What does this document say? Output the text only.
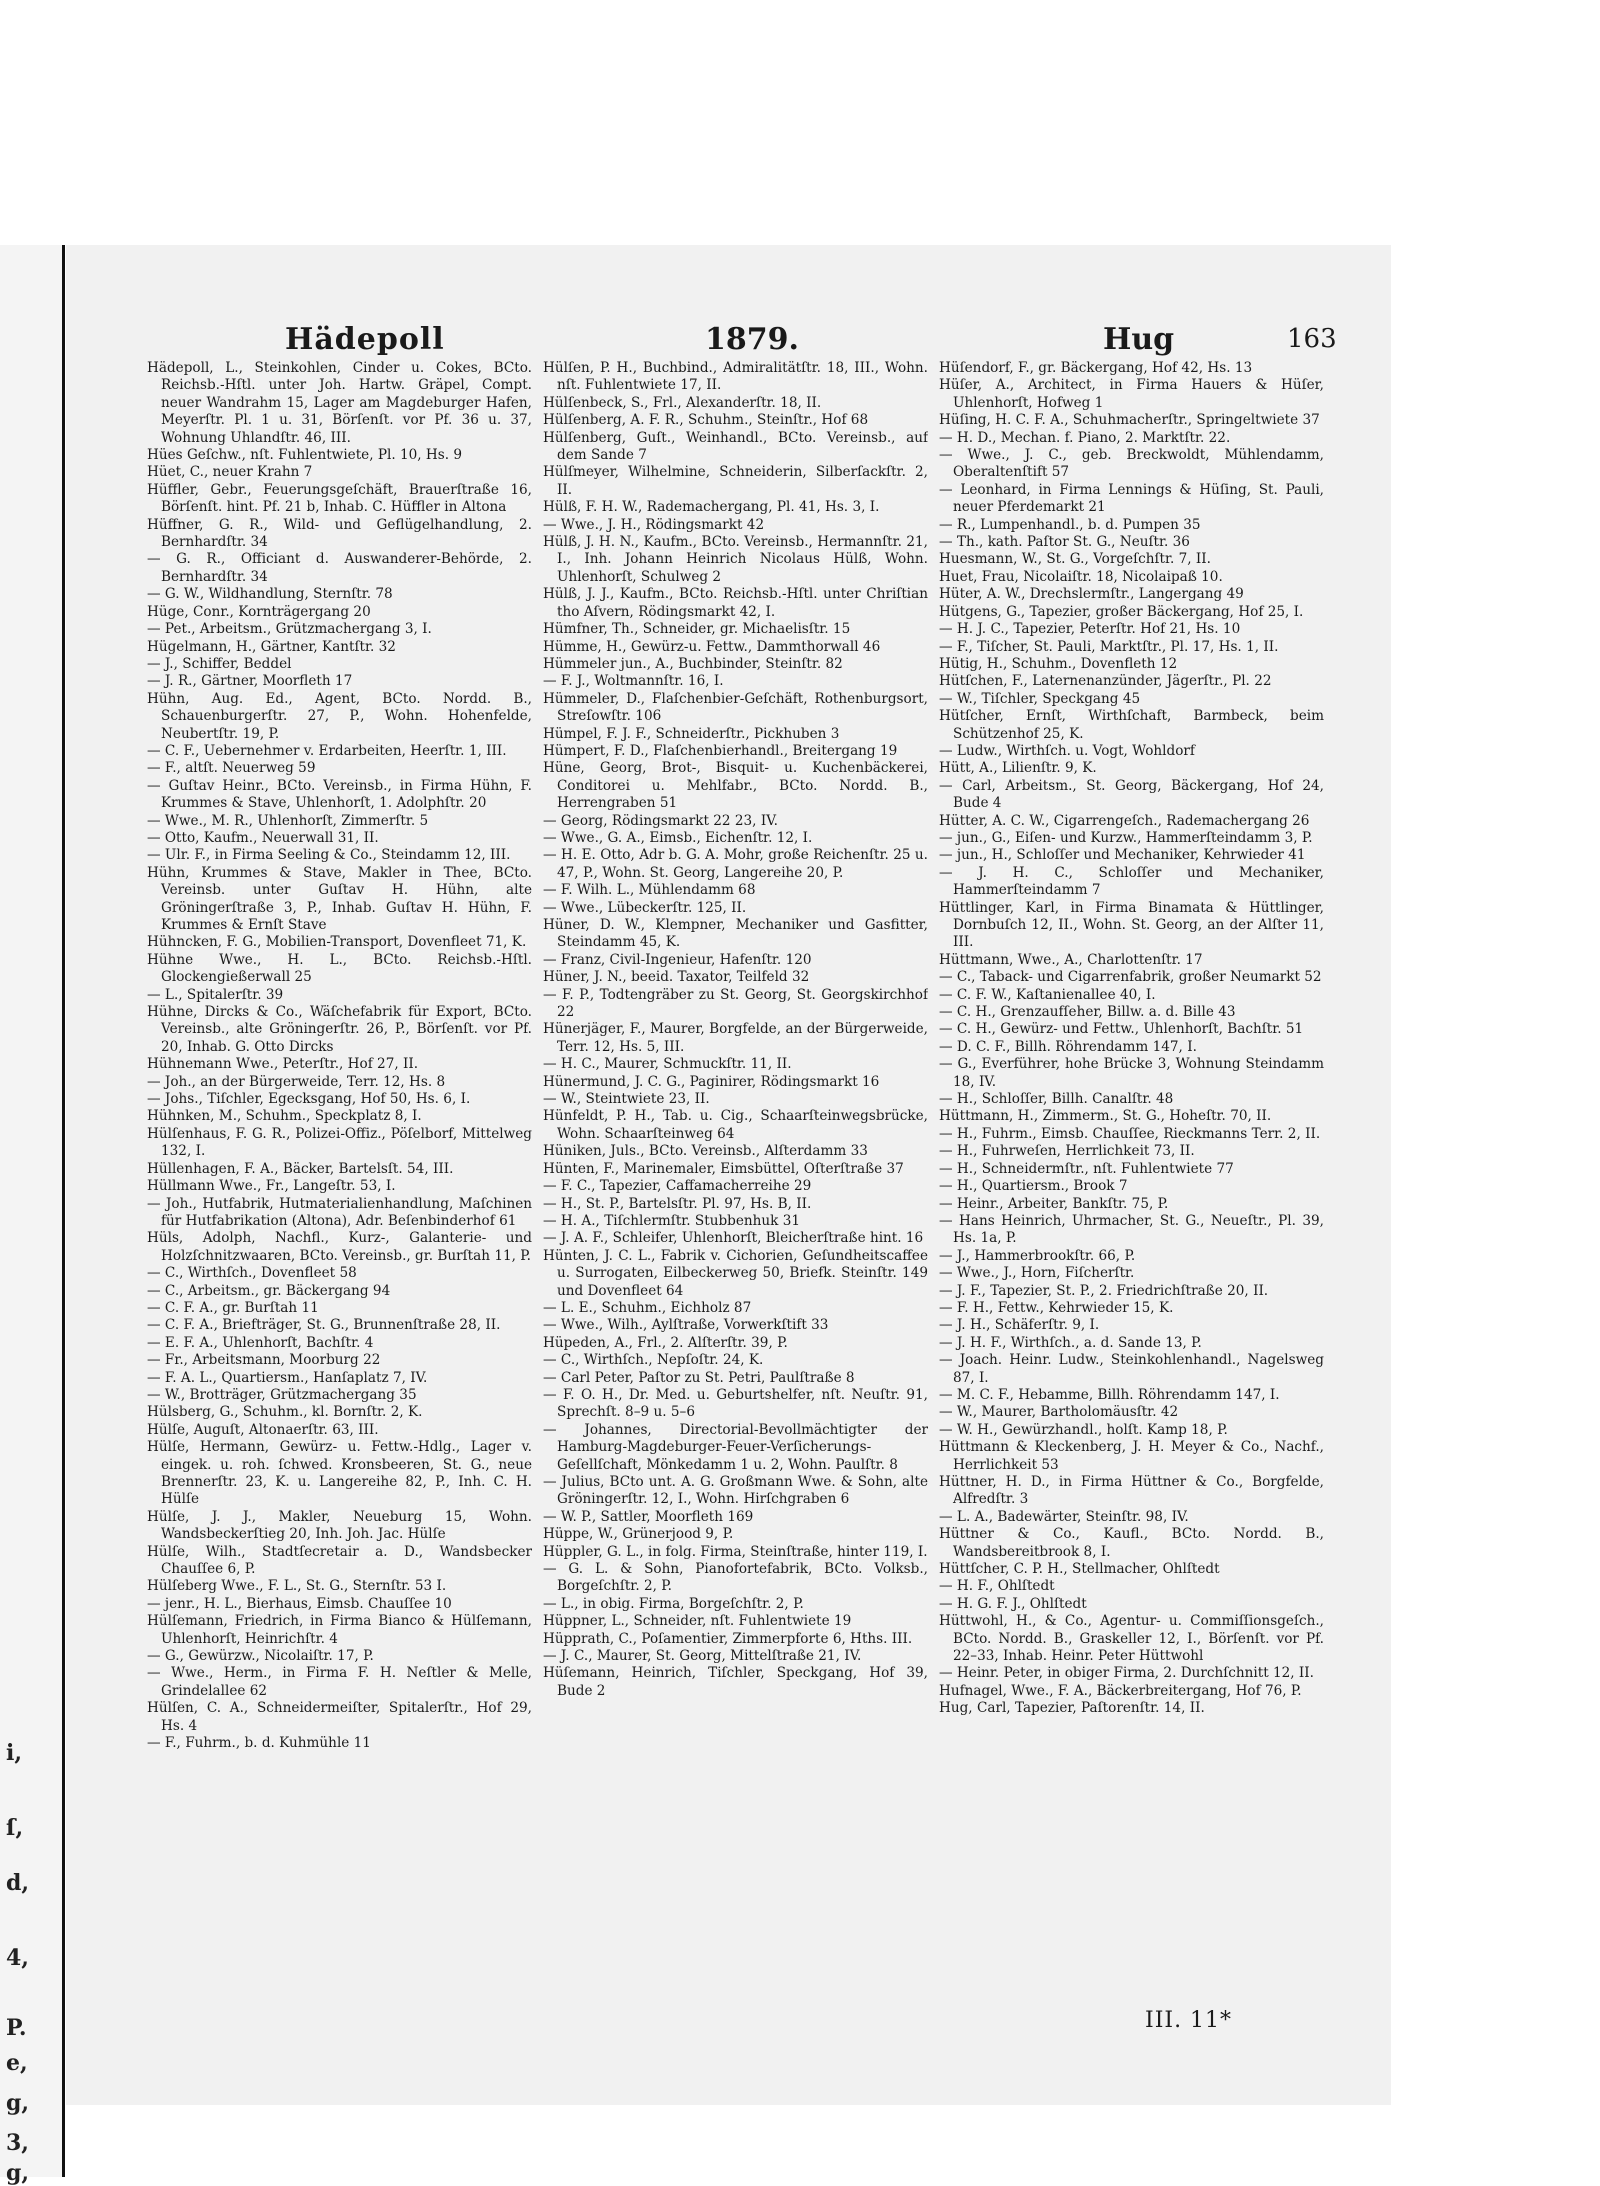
i,
ſ,
d,
4,
P.
e,
g,
3,
g,
Hädepoll	1879.	Hug	163

Hädepoll, L., Steinkohlen, Cinder u. Cokes, BCto. Reichsb.-Hſtl. unter Joh. Hartw. Gräpel, Compt. neuer Wandrahm 15, Lager am Magdeburger Hafen, Meyerſtr. Pl. 1 u. 31, Börſenſt. vor Pf. 36 u. 37, Wohnung Uhlandſtr. 46, III.

Hües Geſchw., nſt. Fuhlentwiete, Pl. 10, Hs. 9

Hüet, C., neuer Krahn 7

Hüffler, Gebr., Feuerungsgeſchäft, Brauerſtraße 16, Börſenſt. hint. Pf. 21 b, Inhab. C. Hüffler in Altona

Hüffner, G. R., Wild- und Geflügelhandlung, 2. Bernhardſtr. 34

— G. R., Officiant d. Auswanderer-Behörde, 2. Bernhardſtr. 34

— G. W., Wildhandlung, Sternſtr. 78

Hüge, Conr., Kornträgergang 20

— Pet., Arbeitsm., Grützmachergang 3, I.

Hügelmann, H., Gärtner, Kantſtr. 32

— J., Schiffer, Beddel

— J. R., Gärtner, Moorfleth 17

Hühn, Aug. Ed., Agent, BCto. Nordd. B., Schauenburgerſtr. 27, P., Wohn. Hohenfelde, Neubertſtr. 19, P.

— C. F., Uebernehmer v. Erdarbeiten, Heerſtr. 1, III.

— F., altſt. Neuerweg 59

— Guſtav Heinr., BCto. Vereinsb., in Firma Hühn, F. Krummes & Stave, Uhlenhorſt, 1. Adolphſtr. 20

— Wwe., M. R., Uhlenhorſt, Zimmerſtr. 5

— Otto, Kaufm., Neuerwall 31, II.

— Ulr. F., in Firma Seeling & Co., Steindamm 12, III.

Hühn, Krummes & Stave, Makler in Thee, BCto. Vereinsb. unter Guſtav H. Hühn, alte Gröningerſtraße 3, P., Inhab. Guſtav H. Hühn, F. Krummes & Ernſt Stave

Hühncken, F. G., Mobilien-Transport, Dovenfleet 71, K.

Hühne Wwe., H. L., BCto. Reichsb.-Hſtl. Glockengießerwall 25

— L., Spitalerſtr. 39

Hühne, Dircks & Co., Wäſchefabrik für Export, BCto. Vereinsb., alte Gröningerſtr. 26, P., Börſenſt. vor Pf. 20, Inhab. G. Otto Dircks

Hühnemann Wwe., Peterſtr., Hof 27, II.

— Joh., an der Bürgerweide, Terr. 12, Hs. 8

— Johs., Tiſchler, Egecksgang, Hof 50, Hs. 6, I.

Hühnken, M., Schuhm., Speckplatz 8, I.

Hülſenhaus, F. G. R., Polizei-Offiz., Pöſelborf, Mittelweg 132, I.

Hüllenhagen, F. A., Bäcker, Bartelsſt. 54, III.

Hüllmann Wwe., Fr., Langeſtr. 53, I.

— Joh., Hutfabrik, Hutmaterialienhandlung, Maſchinen für Hutfabrikation (Altona), Adr. Beſenbinderhof 61

Hüls, Adolph, Nachfl., Kurz-, Galanterie- und Holzſchnitzwaaren, BCto. Vereinsb., gr. Burſtah 11, P.

— C., Wirthſch., Dovenfleet 58

— C., Arbeitsm., gr. Bäckergang 94

— C. F. A., gr. Burſtah 11

— C. F. A., Briefträger, St. G., Brunnenſtraße 28, II.

— E. F. A., Uhlenhorſt, Bachſtr. 4

— Fr., Arbeitsmann, Moorburg 22

— F. A. L., Quartiersm., Hanſaplatz 7, IV.

— W., Brotträger, Grützmachergang 35

Hülsberg, G., Schuhm., kl. Bornſtr. 2, K.

Hülſe, Auguſt, Altonaerſtr. 63, III.

Hülſe, Hermann, Gewürz- u. Fettw.-Hdlg., Lager v. eingek. u. roh. ſchwed. Kronsbeeren, St. G., neue Brennerſtr. 23, K. u. Langereihe 82, P., Inh. C. H. Hülſe

Hülſe, J. J., Makler, Neueburg 15, Wohn. Wandsbeckerſtieg 20, Inh. Joh. Jac. Hülſe

Hülſe, Wilh., Stadtſecretair a. D., Wandsbecker Chauſſee 6, P.

Hülſeberg Wwe., F. L., St. G., Sternſtr. 53 I.

— jenr., H. L., Bierhaus, Eimsb. Chauſſee 10

Hülſemann, Friedrich, in Firma Bianco & Hülſemann, Uhlenhorſt, Heinrichſtr. 4

— G., Gewürzw., Nicolaiſtr. 17, P.

— Wwe., Herm., in Firma F. H. Neſtler & Melle, Grindelallee 62

Hülſen, C. A., Schneidermeiſter, Spitalerſtr., Hof 29, Hs. 4

— F., Fuhrm., b. d. Kuhmühle 11

Hülſen, P. H., Buchbind., Admiralitätſtr. 18, III., Wohn. nſt. Fuhlentwiete 17, II.

Hülſenbeck, S., Frl., Alexanderſtr. 18, II.

Hülſenberg, A. F. R., Schuhm., Steinſtr., Hof 68

Hülſenberg, Guſt., Weinhandl., BCto. Vereinsb., auf dem Sande 7

Hülſmeyer, Wilhelmine, Schneiderin, Silberſackſtr. 2, II.

Hülß, F. H. W., Rademachergang, Pl. 41, Hs. 3, I.

— Wwe., J. H., Rödingsmarkt 42

Hülß, J. H. N., Kaufm., BCto. Vereinsb., Hermannſtr. 21, I., Inh. Johann Heinrich Nicolaus Hülß, Wohn. Uhlenhorſt, Schulweg 2

Hülß, J. J., Kaufm., BCto. Reichsb.-Hſtl. unter Chriſtian tho Aſvern, Rödingsmarkt 42, I.

Hümfner, Th., Schneider, gr. Michaelisſtr. 15

Hümme, H., Gewürz-u. Fettw., Dammthorwall 46

Hümmeler jun., A., Buchbinder, Steinſtr. 82

— F. J., Woltmannſtr. 16, I.

Hümmeler, D., Flaſchenbier-Geſchäft, Rothenburgsort, Streſowſtr. 106

Hümpel, F. J. F., Schneiderſtr., Pickhuben 3

Hümpert, F. D., Flaſchenbierhandl., Breitergang 19

Hüne, Georg, Brot-, Bisquit- u. Kuchenbäckerei, Conditorei u. Mehlfabr., BCto. Nordd. B., Herrengraben 51

— Georg, Rödingsmarkt 22 23, IV.

— Wwe., G. A., Eimsb., Eichenſtr. 12, I.

— H. E. Otto, Adr b. G. A. Mohr, große Reichenſtr. 25 u. 47, P., Wohn. St. Georg, Langereihe 20, P.

— F. Wilh. L., Mühlendamm 68

— Wwe., Lübeckerſtr. 125, II.

Hüner, D. W., Klempner, Mechaniker und Gasfitter, Steindamm 45, K.

— Franz, Civil-Ingenieur, Hafenſtr. 120

Hüner, J. N., beeid. Taxator, Teilfeld 32

— F. P., Todtengräber zu St. Georg, St. Georgskirchhof 22

Hünerjäger, F., Maurer, Borgfelde, an der Bürgerweide, Terr. 12, Hs. 5, III.

— H. C., Maurer, Schmuckſtr. 11, II.

Hünermund, J. C. G., Paginirer, Rödingsmarkt 16

— W., Steintwiete 23, II.

Hünfeldt, P. H., Tab. u. Cig., Schaarſteinwegsbrücke, Wohn. Schaarſteinweg 64

Hüniken, Juls., BCto. Vereinsb., Alſterdamm 33

Hünten, F., Marinemaler, Eimsbüttel, Oſterſtraße 37

— F. C., Tapezier, Caffamacherreihe 29

— H., St. P., Bartelsſtr. Pl. 97, Hs. B, II.

— H. A., Tiſchlermſtr. Stubbenhuk 31

— J. A. F., Schleifer, Uhlenhorſt, Bleicherſtraße hint. 16

Hünten, J. C. L., Fabrik v. Cichorien, Geſundheitscaffee u. Surrogaten, Eilbeckerweg 50, Briefk. Steinſtr. 149 und Dovenfleet 64

— L. E., Schuhm., Eichholz 87

— Wwe., Wilh., Aylſtraße, Vorwerkſtift 33

Hüpeden, A., Frl., 2. Alſterſtr. 39, P.

— C., Wirthſch., Nepſoſtr. 24, K.

— Carl Peter, Paſtor zu St. Petri, Paulſtraße 8

— F. O. H., Dr. Med. u. Geburtshelfer, nſt. Neuſtr. 91, Sprechſt. 8–9 u. 5–6

— Johannes, Directorial-Bevollmächtigter der Hamburg-Magdeburger-Feuer-Verſicherungs-Geſellſchaft, Mönkedamm 1 u. 2, Wohn. Paulſtr. 8

— Julius, BCto unt. A. G. Großmann Wwe. & Sohn, alte Gröningerſtr. 12, I., Wohn. Hirſchgraben 6

— W. P., Sattler, Moorfleth 169

Hüppe, W., Grünerjood 9, P.

Hüppler, G. L., in folg. Firma, Steinſtraße, hinter 119, I.

— G. L. & Sohn, Pianofortefabrik, BCto. Volksb., Borgeſchſtr. 2, P.

— L., in obig. Firma, Borgeſchſtr. 2, P.

Hüppner, L., Schneider, nſt. Fuhlentwiete 19

Hüpprath, C., Poſamentier, Zimmerpforte 6, Hths. III.

— J. C., Maurer, St. Georg, Mittelſtraße 21, IV.

Hüſemann, Heinrich, Tiſchler, Speckgang, Hof 39, Bude 2

Hüſendorf, F., gr. Bäckergang, Hof 42, Hs. 13

Hüſer, A., Architect, in Firma Hauers & Hüſer, Uhlenhorſt, Hofweg 1

Hüſing, H. C. F. A., Schuhmacherſtr., Springeltwiete 37

— H. D., Mechan. f. Piano, 2. Marktſtr. 22.

— Wwe., J. C., geb. Breckwoldt, Mühlendamm, Oberaltenſtift 57

— Leonhard, in Firma Lennings & Hüſing, St. Pauli, neuer Pferdemarkt 21

— R., Lumpenhandl., b. d. Pumpen 35

— Th., kath. Paſtor St. G., Neuſtr. 36

Huesmann, W., St. G., Vorgeſchſtr. 7, II.

Huet, Frau, Nicolaiſtr. 18, Nicolaipaß 10.

Hüter, A. W., Drechslermſtr., Langergang 49

Hütgens, G., Tapezier, großer Bäckergang, Hof 25, I.

— H. J. C., Tapezier, Peterſtr. Hof 21, Hs. 10

— F., Tiſcher, St. Pauli, Marktſtr., Pl. 17, Hs. 1, II.

Hütig, H., Schuhm., Dovenfleth 12

Hütſchen, F., Laternenanzünder, Jägerſtr., Pl. 22

— W., Tiſchler, Speckgang 45

Hütſcher, Ernſt, Wirthſchaft, Barmbeck, beim Schützenhof 25, K.

— Ludw., Wirthſch. u. Vogt, Wohldorf

Hütt, A., Lilienſtr. 9, K.

— Carl, Arbeitsm., St. Georg, Bäckergang, Hof 24, Bude 4

Hütter, A. C. W., Cigarrengeſch., Rademachergang 26

— jun., G., Eiſen- und Kurzw., Hammerſteindamm 3, P.

— jun., H., Schloſſer und Mechaniker, Kehrwieder 41

— J. H. C., Schloſſer und Mechaniker, Hammerſteindamm 7

Hüttlinger, Karl, in Firma Binamata & Hüttlinger, Dornbuſch 12, II., Wohn. St. Georg, an der Alſter 11, III.

Hüttmann, Wwe., A., Charlottenſtr. 17

— C., Taback- und Cigarrenfabrik, großer Neumarkt 52

— C. F. W., Kaſtanienallee 40, I.

— C. H., Grenzaufſeher, Billw. a. d. Bille 43

— C. H., Gewürz- und Fettw., Uhlenhorſt, Bachſtr. 51

— D. C. F., Billh. Röhrendamm 147, I.

— G., Everführer, hohe Brücke 3, Wohnung Steindamm 18, IV.

— H., Schloſſer, Billh. Canalſtr. 48

Hüttmann, H., Zimmerm., St. G., Hoheſtr. 70, II.

— H., Fuhrm., Eimsb. Chauſſee, Rieckmanns Terr. 2, II.

— H., Fuhrweſen, Herrlichkeit 73, II.

— H., Schneidermſtr., nſt. Fuhlentwiete 77

— H., Quartiersm., Brook 7

— Heinr., Arbeiter, Bankſtr. 75, P.

— Hans Heinrich, Uhrmacher, St. G., Neueſtr., Pl. 39, Hs. 1a, P.

— J., Hammerbrookſtr. 66, P.

— Wwe., J., Horn, Fiſcherſtr.

— J. F., Tapezier, St. P., 2. Friedrichſtraße 20, II.

— F. H., Fettw., Kehrwieder 15, K.

— J. H., Schäferſtr. 9, I.

— J. H. F., Wirthſch., a. d. Sande 13, P.

— Joach. Heinr. Ludw., Steinkohlenhandl., Nagelsweg 87, I.

— M. C. F., Hebamme, Billh. Röhrendamm 147, I.

— W., Maurer, Bartholomäusſtr. 42

— W. H., Gewürzhandl., holſt. Kamp 18, P.

Hüttmann & Kleckenberg, J. H. Meyer & Co., Nachf., Herrlichkeit 53

Hüttner, H. D., in Firma Hüttner & Co., Borgfelde, Alfredſtr. 3

— L. A., Badewärter, Steinſtr. 98, IV.

Hüttner & Co., Kaufl., BCto. Nordd. B., Wandsbereitbrook 8, I.

Hüttſcher, C. P. H., Stellmacher, Ohlſtedt

— H. F., Ohlſtedt

— H. G. F. J., Ohlſtedt

Hüttwohl, H., & Co., Agentur- u. Commiſſionsgeſch., BCto. Nordd. B., Graskeller 12, I., Börſenſt. vor Pf. 22–33, Inhab. Heinr. Peter Hüttwohl

— Heinr. Peter, in obiger Firma, 2. Durchſchnitt 12, II.

Hufnagel, Wwe., F. A., Bäckerbreitergang, Hof 76, P.

Hug, Carl, Tapezier, Paſtorenſtr. 14, II.

III. 11*
